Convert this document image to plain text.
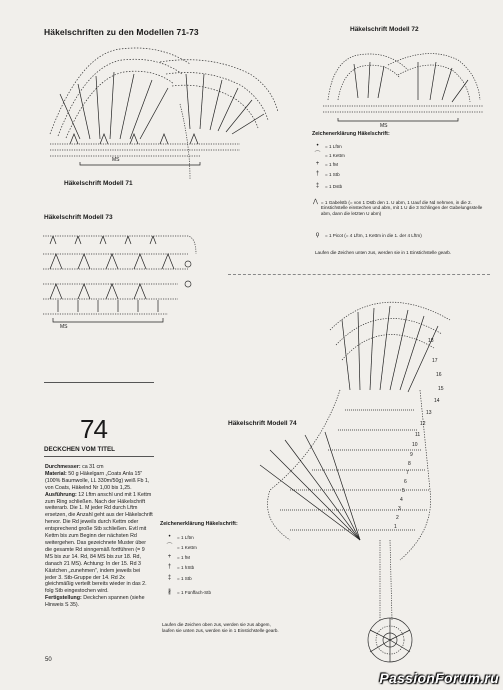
Häkelschriften zu den Modellen 71-73
MS
Häkelschrift Modell 71
Häkelschrift Modell 72
MS
Zeichenerklärung Häkelschrift:
•	= 1 Lftm
⌒ = 1 Kettm
+	= 1 fM
†	= 1 Stb
‡	= 1 Dstb
⋀ = 1 Gabelstb (= von 1 Dstb den 1. U abm, 1 Uauf die Nd nehmen, in die 2. Einstichstelle einstechen und abm, mit 1 U die 3 Schlingen der Gabelungsstelle abm, dann die letzten U abm)
ϙ	= 1 Picot (= 4 Lftm, 1 Kettm in die 1. der 4 Lftm)
Laufen die Zeichen unten zus, werden sie in 1 Einstichstelle gearb.
Häkelschrift Modell 73
MS
74
DECKCHEN VOM TITEL
Durchmesser: ca 31 cm
Material: 50 g Häkelgarn „Coats Anla 15" (100% Baumwolle, LL 330m/50g) weiß Fb 1, von Coats, Häkelnd Nr 1,00 bis 1,25.
Ausführung: 12 Lftm anschl und mit 1 Kettm zum Ring schließen. Nach der Häkelschrift weiterarb. Die 1. M jeder Rd durch Lftm ersetzen, die Anzahl geht aus der Häkelschrift hervor. Die Rd jeweils durch Kettm oder entsprechend große Stb schließen. Evtl mit Kettm bis zum Beginn der nächsten Rd weitergehen. Das gezeichnete Muster über die gesamte Rd sinngemäß fortführen (= 9 MS bis zur 14. Rd, 84 MS bis zur 18. Rd, danach 21 MS). Achtung: In der 15. Rd 3 Kästchen „zunehmen", indem jeweils bei jeder 3. Stb-Gruppe der 14. Rd 2x gleichmäßig verteilt bereits wieder in das 2. folg Stb eingestochen wird.
Fertigstellung: Deckchen spannen (siehe Hinweis S 35).
50
Häkelschrift Modell 74
18
17
16
15
14
13
12
11
10
9
8
7
6
5
4
3
2
1
Zeichenerklärung Häkelschrift:
•	= 1 Lftm
⌒ = 1 Kettm
+	= 1 fM
†	= 1 hStb
‡	= 1 Stb
∦	= 1 Fünffach-Stb
Laufen die Zeichen oben zus, werden sie zus abgem, laufen sie unten zus, werden sie in 1 Einstichstelle gearb.
PassionForum.ru
